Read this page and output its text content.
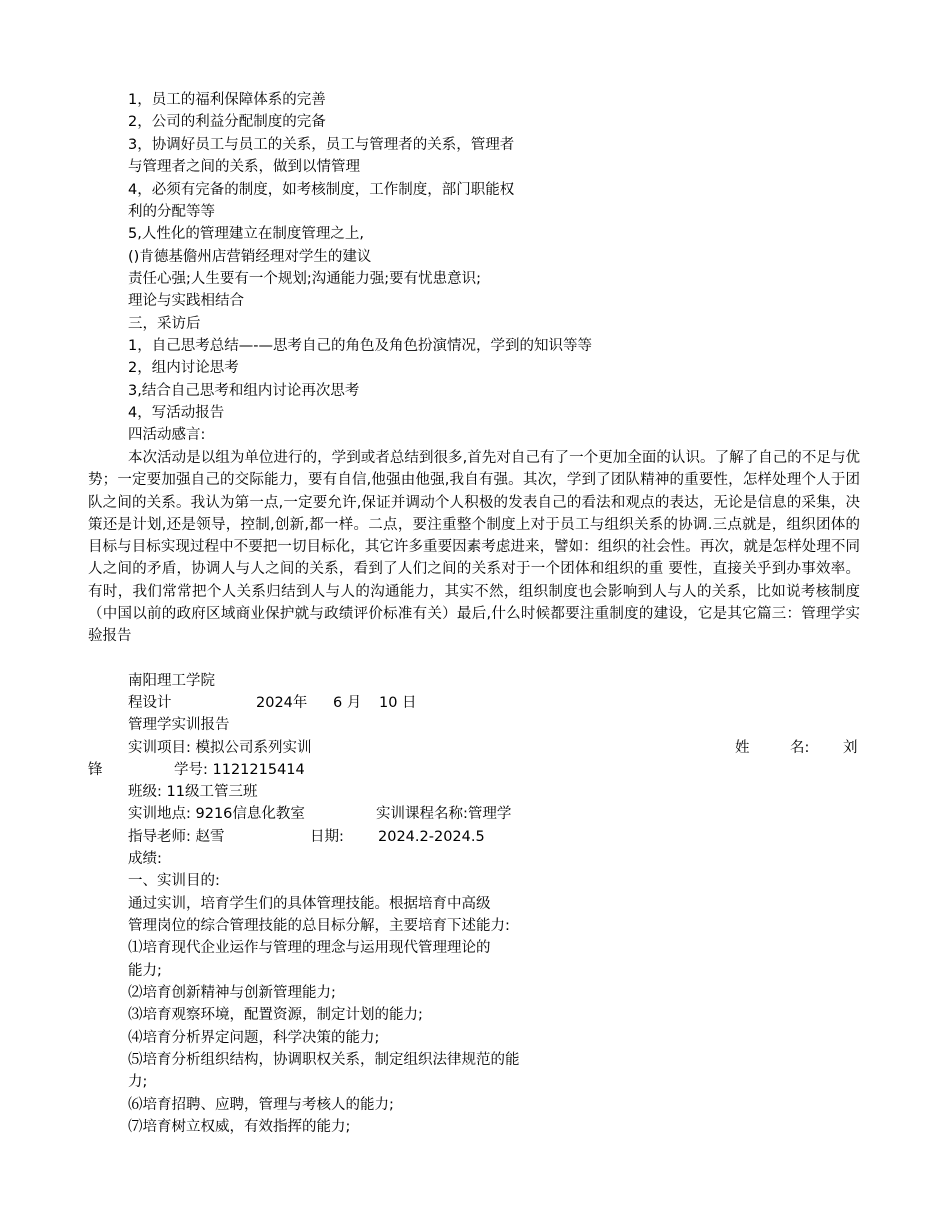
1，员工的福利保障体系的完善
2，公司的利益分配制度的完备
3，协调好员工与员工的关系，员工与管理者的关系，管理者
与管理者之间的关系，做到以情管理
4，必须有完备的制度，如考核制度，工作制度，部门职能权
利的分配等等
5,人性化的管理建立在制度管理之上,
()肯德基儋州店营销经理对学生的建议
责任心强;人生要有一个规划;沟通能力强;要有忧患意识;
理论与实践相结合
三，采访后
1，自己思考总结—-—思考自己的角色及角色扮演情况，学到的知识等等
2，组内讨论思考
3,结合自己思考和组内讨论再次思考
4，写活动报告
四活动感言:
本次活动是以组为单位进行的，学到或者总结到很多,首先对自己有了一个更加全面的认识。了解了自己的不足与优势；一定要加强自己的交际能力，要有自信,他强由他强,我自有强。其次，学到了团队精神的重要性，怎样处理个人于团队之间的关系。我认为第一点,一定要允许,保证并调动个人积极的发表自己的看法和观点的表达，无论是信息的采集，决策还是计划,还是领导，控制,创新,都一样。二点，要注重整个制度上对于员工与组织关系的协调.三点就是，组织团体的目标与目标实现过程中不要把一切目标化，其它许多重要因素考虑进来，譬如：组织的社会性。再次，就是怎样处理不同人之间的矛盾，协调人与人之间的关系，看到了人们之间的关系对于一个团体和组织的重 要性，直接关乎到办事效率。有时，我们常常把个人关系归结到人与人的沟通能力，其实不然，组织制度也会影响到人与人的关系，比如说考核制度（中国以前的政府区域商业保护就与政绩评价标准有关）最后,什么时候都要注重制度的建设，它是其它篇三：管理学实验报告
南阳理工学院
程设计	2024年 6 月 10 日
管理学实训报告
实训项目: 模拟公司系列实训	姓	名: 刘
锋	学号: 1121215414
班级: 11级工管三班
实训地点: 9216信息化教室	实训课程名称:管理学
指导老师: 赵雪	日期: 2024.2-2024.5
成绩:
一、实训目的:
通过实训，培育学生们的具体管理技能。根据培育中高级
管理岗位的综合管理技能的总目标分解，主要培育下述能力:
⑴培育现代企业运作与管理的理念与运用现代管理理论的
能力;
⑵培育创新精神与创新管理能力;
⑶培育观察环境，配置资源，制定计划的能力;
⑷培育分析界定问题，科学决策的能力;
⑸培育分析组织结构，协调职权关系，制定组织法律规范的能
力;
⑹培育招聘、应聘，管理与考核人的能力;
⑺培育树立权威，有效指挥的能力;
